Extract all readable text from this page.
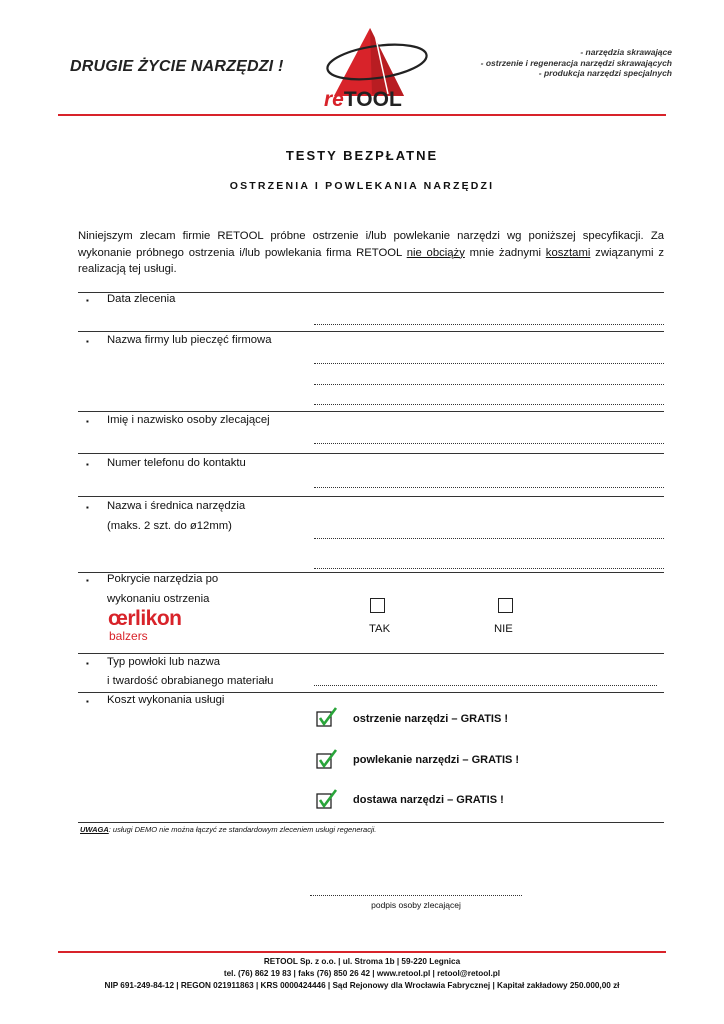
DRUGIE ŻYCIE NARZĘDZI !
reTOOL
- narzędzia skrawające
- ostrzenie i regeneracja narzędzi skrawających
- produkcja narzędzi specjalnych
TESTY BEZPŁATNE
OSTRZENIA I POWLEKANIA NARZĘDZI
Niniejszym zlecam firmie RETOOL próbne ostrzenie i/lub powlekanie narzędzi wg poniższej specyfikacji. Za wykonanie próbnego ostrzenia i/lub powlekania firma RETOOL nie obciąży mnie żadnymi kosztami związanymi z realizacją tej usługi.
▪ Data zlecenia
▪ Nazwa firmy lub pieczęć firmowa
▪ Imię i nazwisko osoby zlecającej
▪ Numer telefonu do kontaktu
▪ Nazwa i średnica narzędzia
(maks. 2 szt. do ø12mm)
▪ Pokrycie narzędzia po
wykonaniu ostrzenia
œrlikon
balzers	TAK	NIE
▪ Typ powłoki lub nazwa
i twardość obrabianego materiału
▪ Koszt wykonania usługi
ostrzenie narzędzi – GRATIS !
powlekanie narzędzi – GRATIS !
dostawa narzędzi – GRATIS !
UWAGA: usługi DEMO nie można łączyć ze standardowym zleceniem usługi regeneracji.
podpis osoby zlecającej
RETOOL Sp. z o.o. | ul. Stroma 1b | 59-220 Legnica
tel. (76) 862 19 83 | faks (76) 850 26 42 | www.retool.pl | retool@retool.pl
NIP 691-249-84-12 | REGON 021911863 | KRS 0000424446 | Sąd Rejonowy dla Wrocławia Fabrycznej | Kapitał zakładowy 250.000,00 zł
